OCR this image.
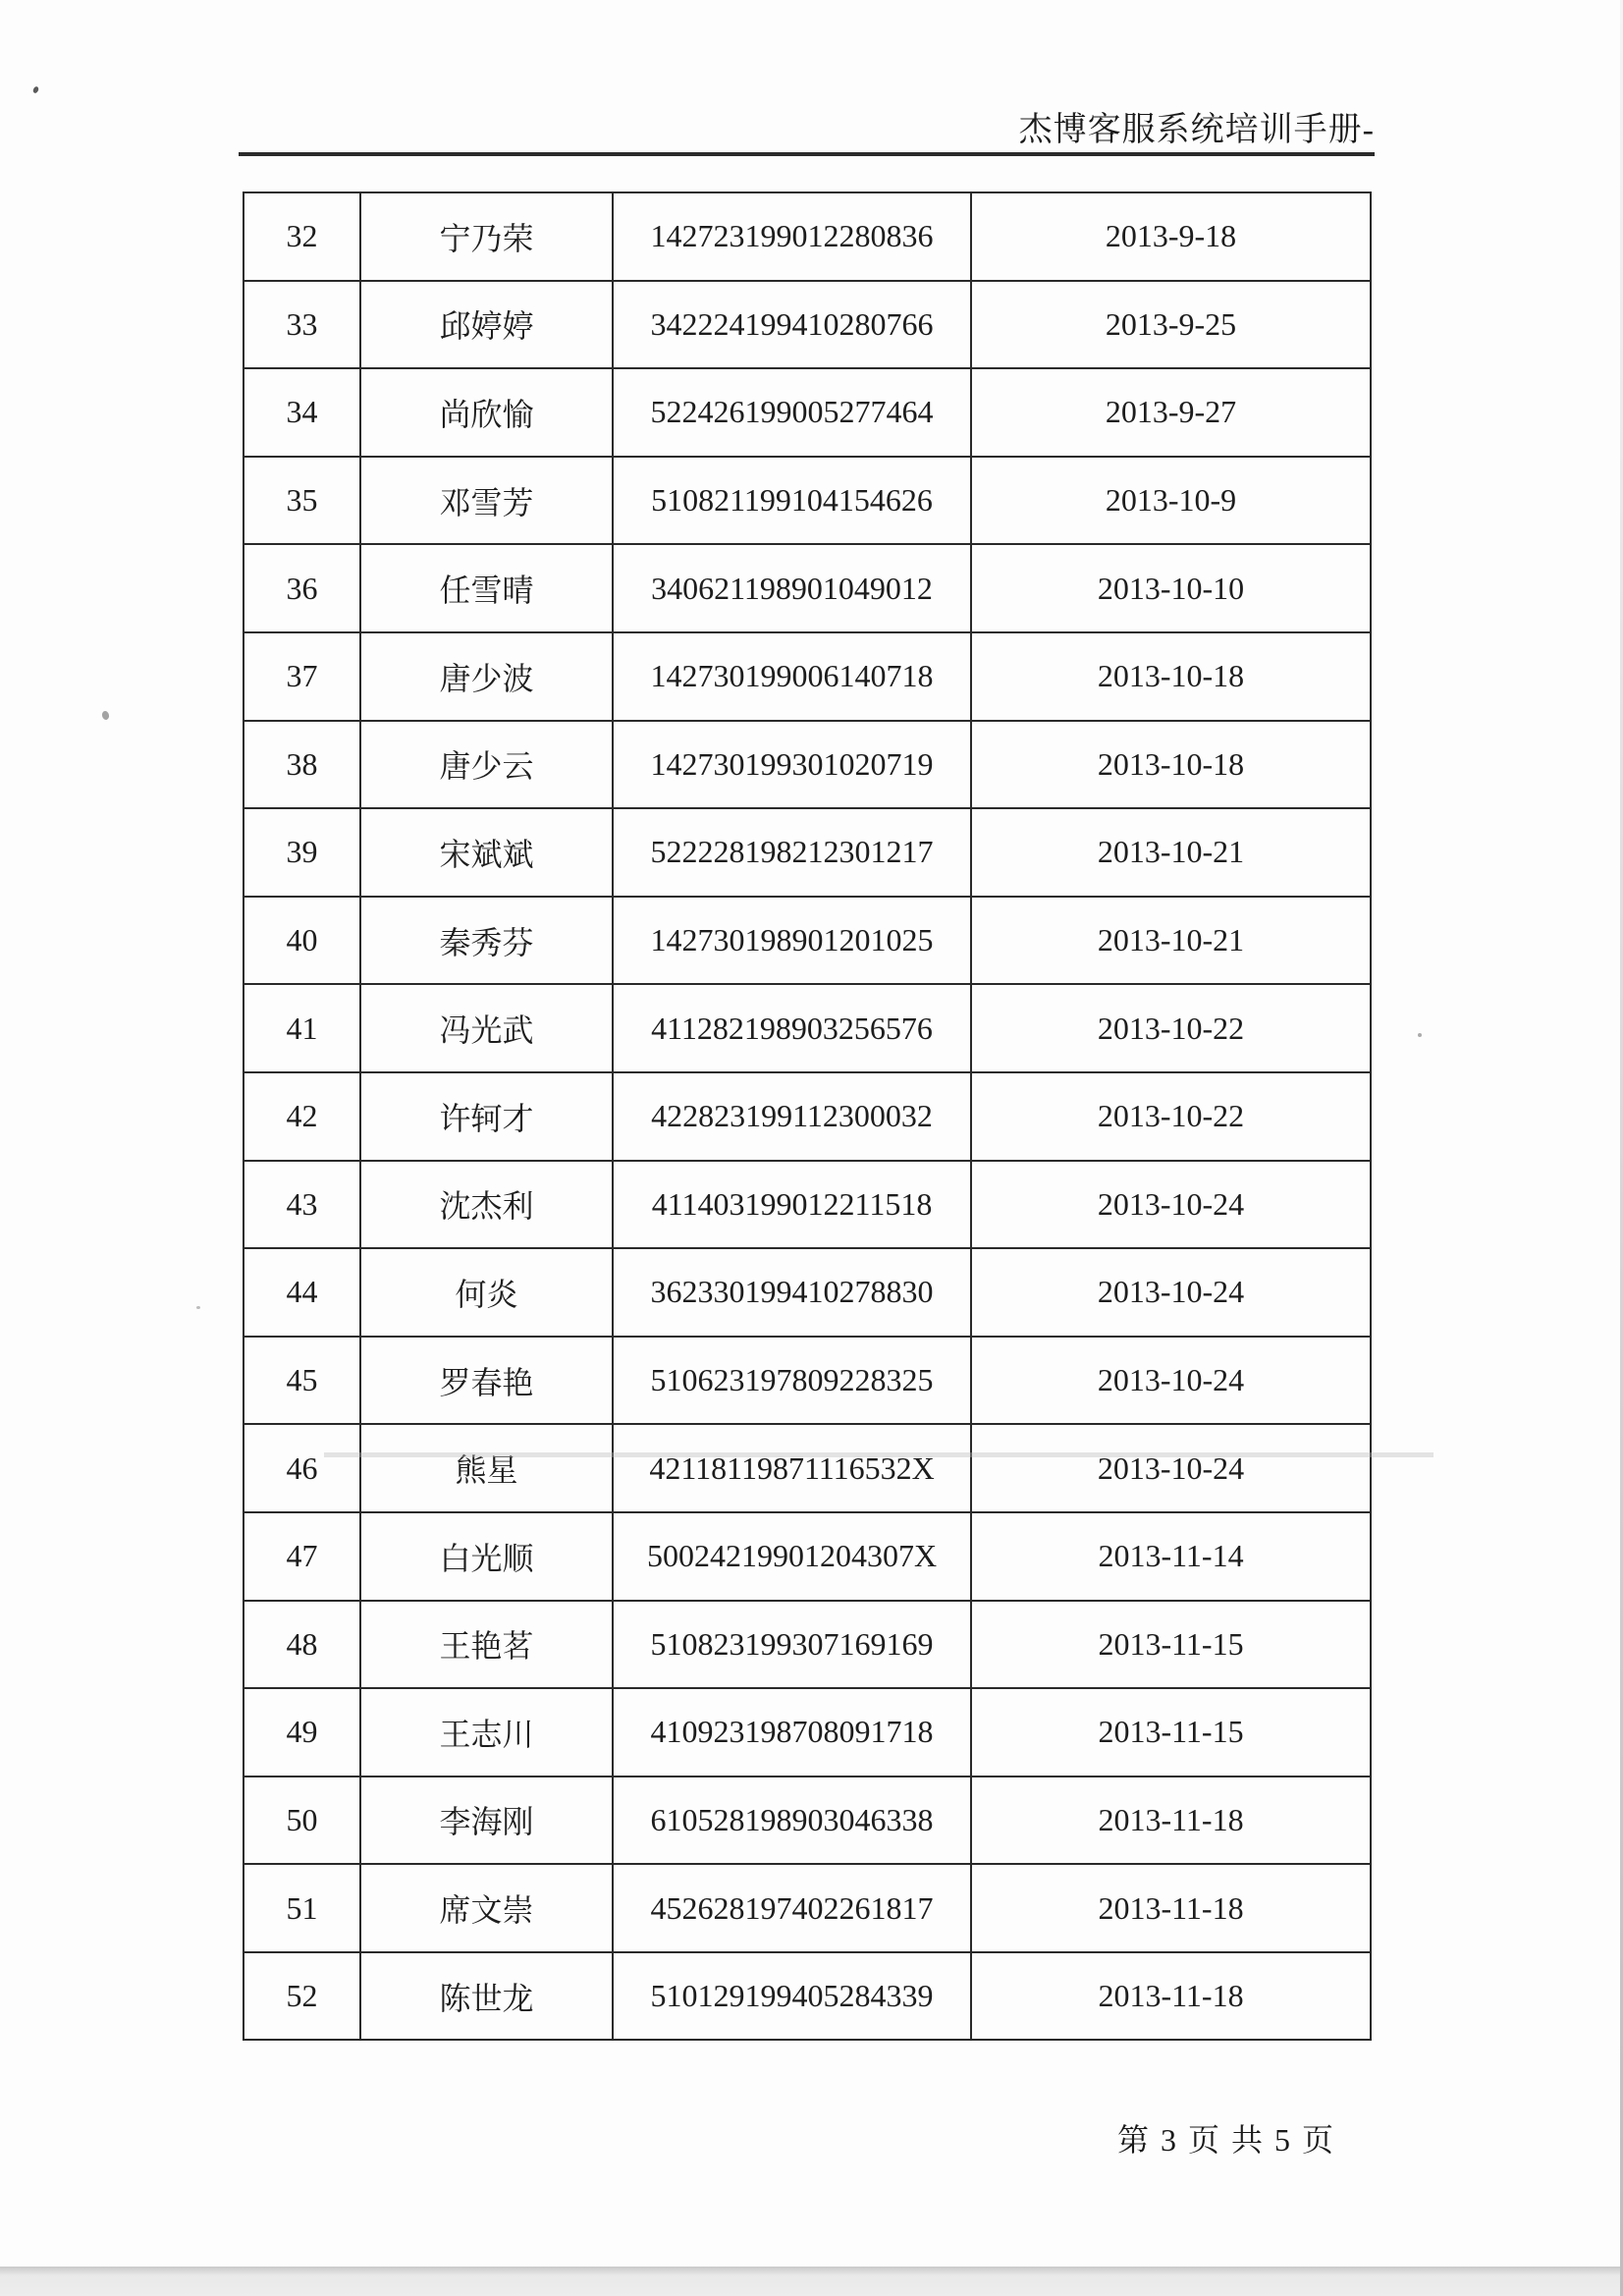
杰博客服系统培训手册-
32	宁乃荣	142723199012280836	2013-9-18
33	邱婷婷	342224199410280766	2013-9-25
34	尚欣愉	522426199005277464	2013-9-27
35	邓雪芳	510821199104154626	2013-10-9
36	任雪晴	340621198901049012	2013-10-10
37	唐少波	142730199006140718	2013-10-18
38	唐少云	142730199301020719	2013-10-18
39	宋斌斌	522228198212301217	2013-10-21
40	秦秀芬	142730198901201025	2013-10-21
41	冯光武	411282198903256576	2013-10-22
42	许轲才	422823199112300032	2013-10-22
43	沈杰利	411403199012211518	2013-10-24
44	何炎	362330199410278830	2013-10-24
45	罗春艳	510623197809228325	2013-10-24
46	熊星	42118119871116532X	2013-10-24
47	白光顺	50024219901204307X	2013-11-14
48	王艳茗	510823199307169169	2013-11-15
49	王志川	410923198708091718	2013-11-15
50	李海刚	610528198903046338	2013-11-18
51	席文崇	452628197402261817	2013-11-18
52	陈世龙	510129199405284339	2013-11-18
第 3 页 共 5 页
